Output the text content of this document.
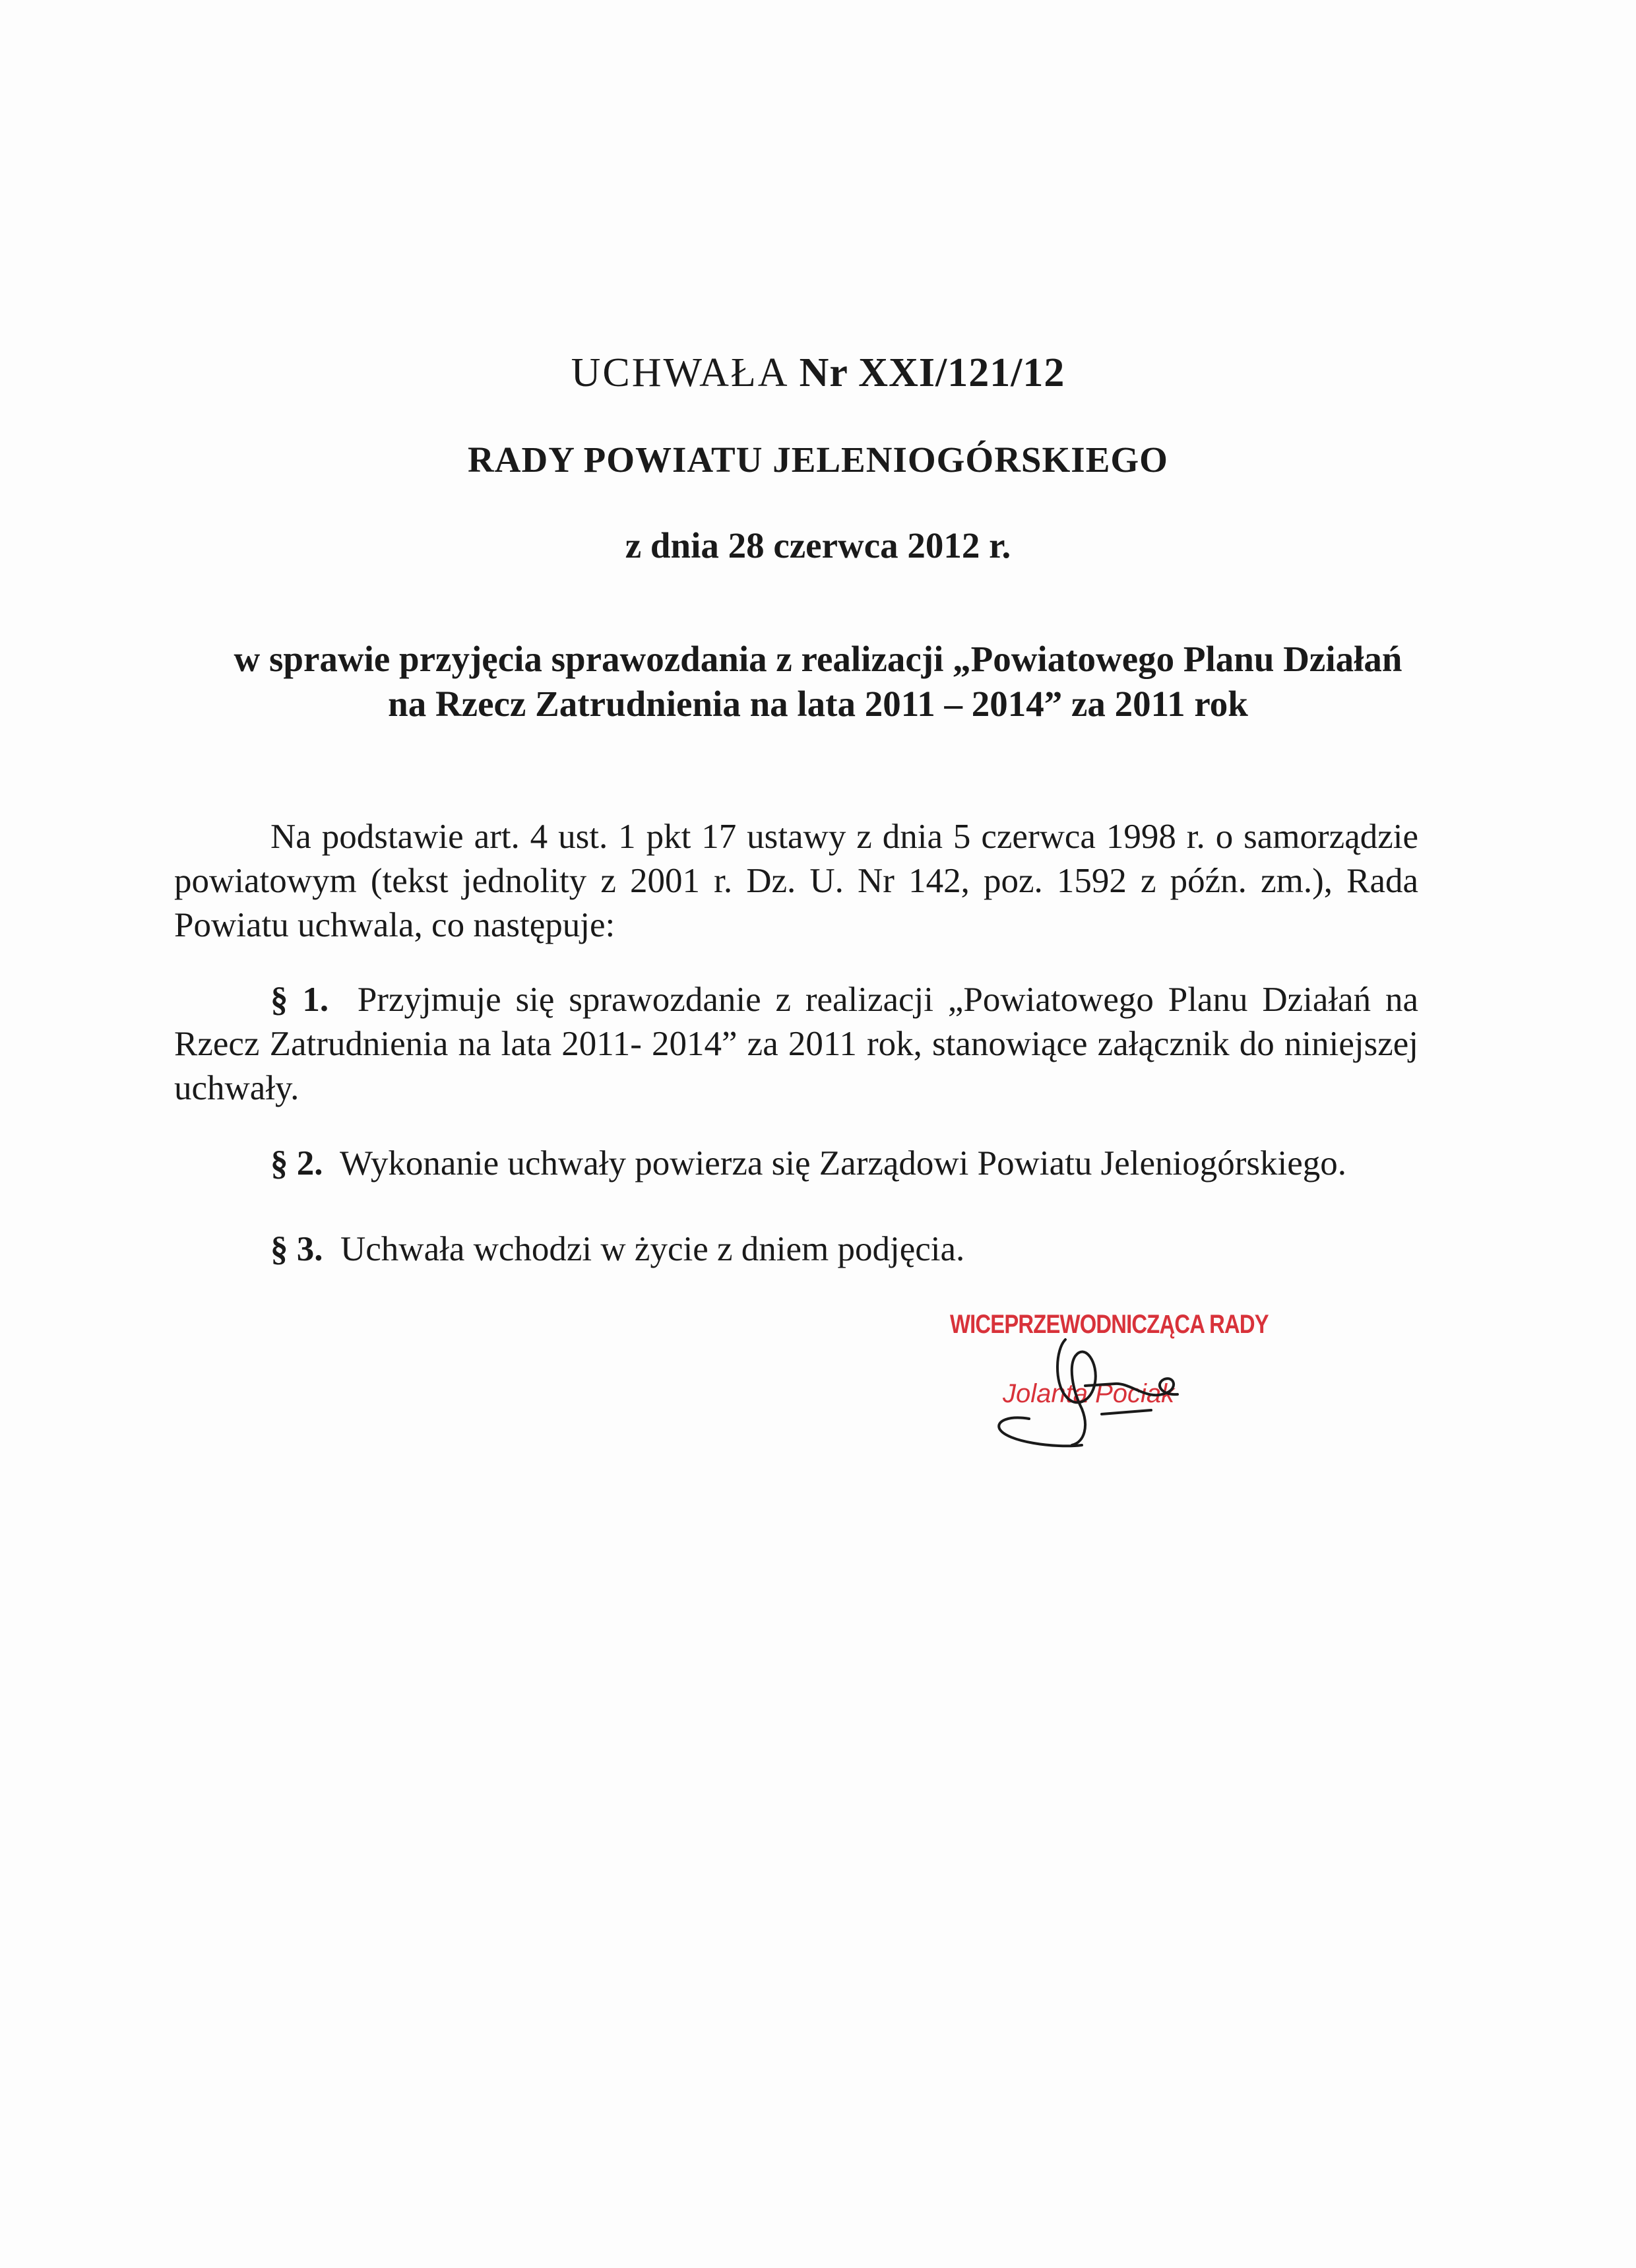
UCHWAŁA Nr XXI/121/12
RADY POWIATU JELENIOGÓRSKIEGO
z dnia 28 czerwca 2012 r.
w sprawie przyjęcia sprawozdania z realizacji „Powiatowego Planu Działań
na Rzecz Zatrudnienia na lata 2011 – 2014” za 2011 rok
Na podstawie art. 4 ust. 1 pkt 17 ustawy z dnia 5 czerwca 1998 r. o samorządzie powiatowym (tekst jednolity z 2001 r. Dz. U. Nr 142, poz. 1592 z późn. zm.), Rada Powiatu uchwala, co następuje:
§ 1. Przyjmuje się sprawozdanie z realizacji „Powiatowego Planu Działań na Rzecz Zatrudnienia na lata 2011- 2014” za 2011 rok, stanowiące załącznik do niniejszej uchwały.
§ 2. Wykonanie uchwały powierza się Zarządowi Powiatu Jeleniogórskiego.
§ 3. Uchwała wchodzi w życie z dniem podjęcia.
WICEPRZEWODNICZĄCA RADY
Jolanta Pociak
